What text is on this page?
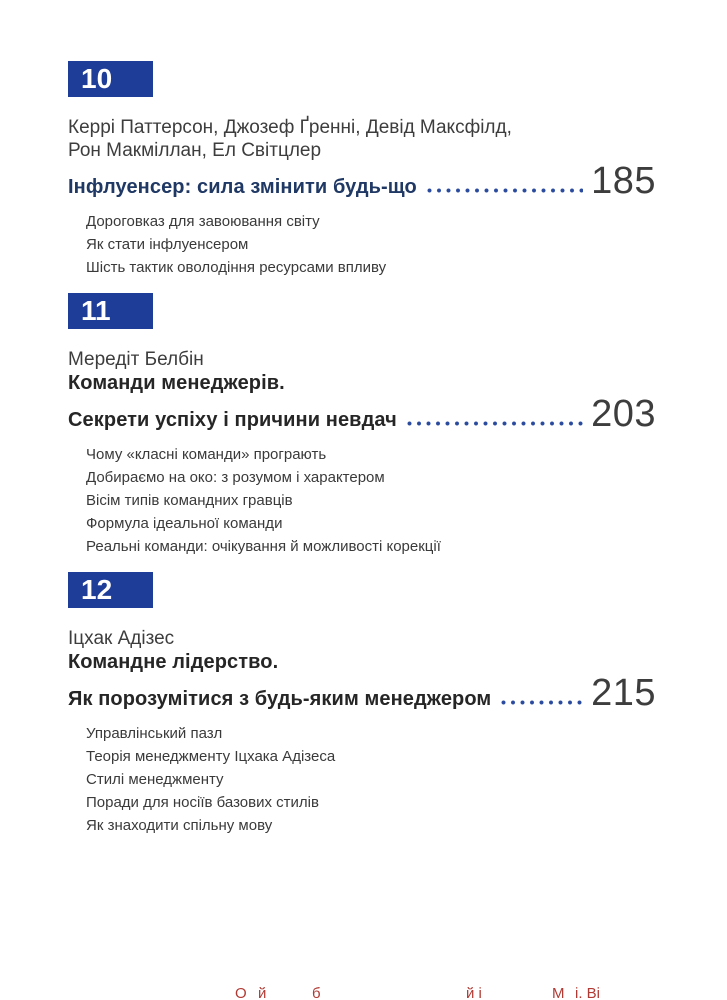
10
Керрі Паттерсон, Джозеф Ґренні, Девід Максфілд,
Рон Макміллан, Ел Світцлер
Інфлуенсер: сила змінити будь-що	185
Дороговказ для завоювання світу
Як стати інфлуенсером
Шість тактик оволодіння ресурсами впливу
11
Мередіт Белбін
Команди менеджерів.
Секрети успіху і причини невдач	203
Чому «класні команди» програють
Добираємо на око: з розумом і характером
Вісім типів командних гравців
Формула ідеальної команди
Реальні команди: очікування й можливості корекції
12
Іцхак Адізес
Командне лідерство.
Як порозумітися з будь-яким менеджером	215
Управлінський пазл
Теорія менеджменту Іцхака Адізеса
Стилі менеджменту
Поради для носіїв базових стилів
Як знаходити спільну мову
О й	б	й і	М і. Ві
